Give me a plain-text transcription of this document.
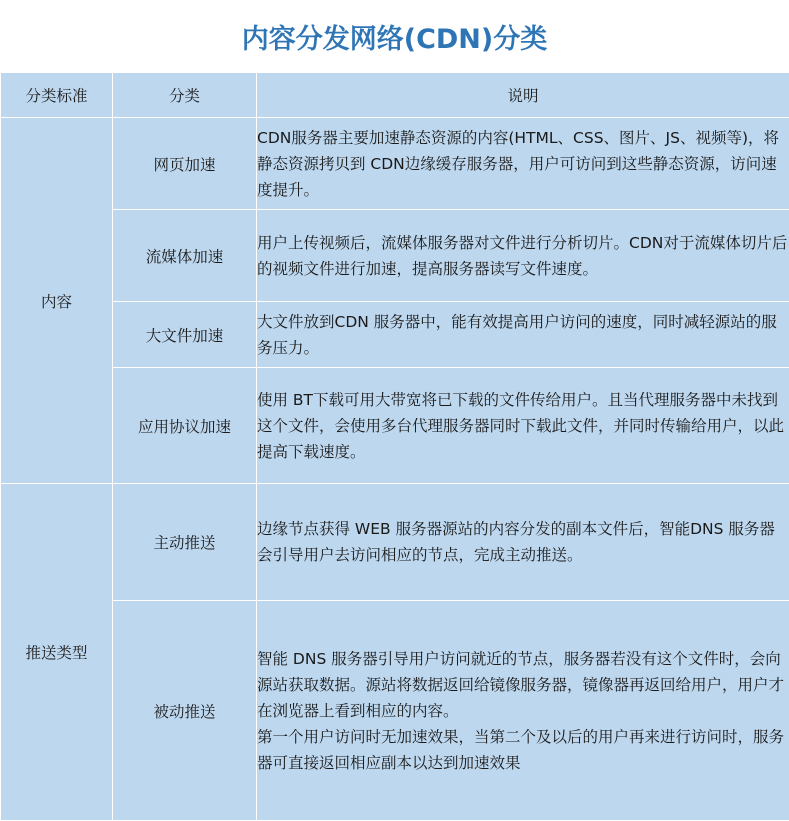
内容分发网络(CDN)分类
分类标准	分类	说明
内容	网页加速	CDN服务器主要加速静态资源的内容(HTML、CSS、图片、JS、视频等)，将静态资源拷贝到 CDN边缘缓存服务器，用户可访问到这些静态资源，访问速度提升。

	流媒体加速	用户上传视频后，流媒体服务器对文件进行分析切片。CDN对于流媒体切片后的视频文件进行加速，提高服务器读写文件速度。

	大文件加速	大文件放到CDN 服务器中，能有效提高用户访问的速度，同时减轻源站的服务压力。

	应用协议加速	使用 BT下载可用大带宽将已下载的文件传给用户。且当代理服务器中未找到这个文件，会使用多台代理服务器同时下载此文件，并同时传输给用户，以此提高下载速度。

推送类型	主动推送	边缘节点获得 WEB 服务器源站的内容分发的副本文件后，智能DNS 服务器会引导用户去访问相应的节点，完成主动推送。

	被动推送	智能 DNS 服务器引导用户访问就近的节点，服务器若没有这个文件时，会向源站获取数据。源站将数据返回给镜像服务器，镜像器再返回给用户，用户才在浏览器上看到相应的内容。
第一个用户访问时无加速效果，当第二个及以后的用户再来进行访问时，服务器可直接返回相应副本以达到加速效果
